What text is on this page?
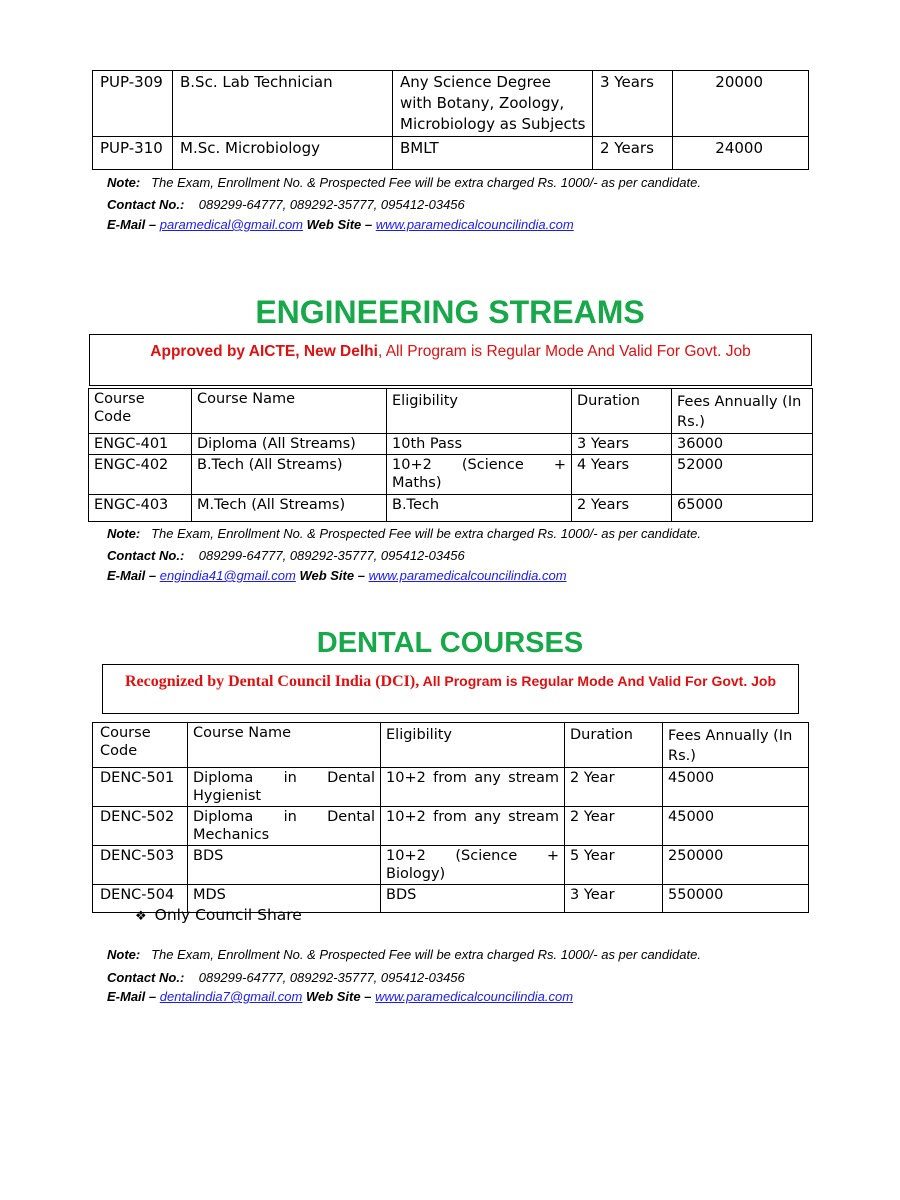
PUP-309	B.Sc. Lab Technician	Any Science Degree with Botany, Zoology, Microbiology as Subjects	3 Years	20000
PUP-310	M.Sc. Microbiology	BMLT	2 Years	24000
Note: The Exam, Enrollment No. & Prospected Fee will be extra charged Rs. 1000/- as per candidate.
Contact No.: 089299-64777, 089292-35777, 095412-03456
E-Mail – paramedical@gmail.com Web Site – www.paramedicalcouncilindia.com
ENGINEERING STREAMS
Approved by AICTE, New Delhi, All Program is Regular Mode And Valid For Govt. Job
Course Code	Course Name	Eligibility	Duration	Fees Annually (In Rs.)
ENGC-401	Diploma (All Streams)	10th Pass	3 Years	36000
ENGC-402	B.Tech (All Streams)	10+2 (Science + Maths)	4 Years	52000
ENGC-403	M.Tech (All Streams)	B.Tech	2 Years	65000
Note: The Exam, Enrollment No. & Prospected Fee will be extra charged Rs. 1000/- as per candidate.
Contact No.: 089299-64777, 089292-35777, 095412-03456
E-Mail – engindia41@gmail.com Web Site – www.paramedicalcouncilindia.com
DENTAL COURSES
Recognized by Dental Council India (DCI), All Program is Regular Mode And Valid For Govt. Job
Course Code	Course Name	Eligibility	Duration	Fees Annually (In Rs.)
DENC-501	Diploma in Dental Hygienist	10+2 from any stream	2 Year	45000
DENC-502	Diploma in Dental Mechanics	10+2 from any stream	2 Year	45000
DENC-503	BDS	10+2 (Science + Biology)	5 Year	250000
DENC-504	MDS	BDS	3 Year	550000
❖ Only Council Share
Note: The Exam, Enrollment No. & Prospected Fee will be extra charged Rs. 1000/- as per candidate.
Contact No.: 089299-64777, 089292-35777, 095412-03456
E-Mail – dentalindia7@gmail.com Web Site – www.paramedicalcouncilindia.com
